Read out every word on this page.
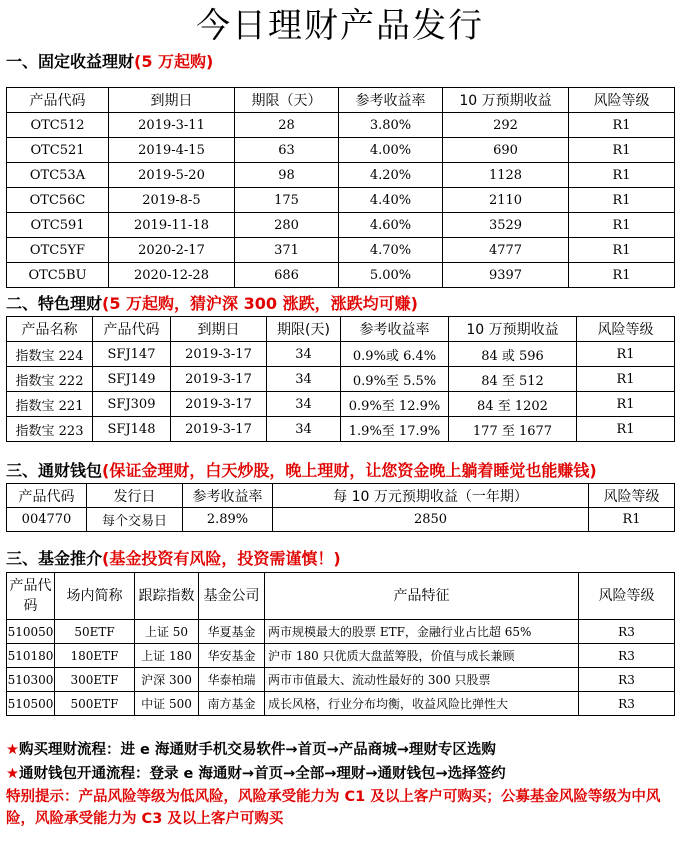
今日理财产品发行
一、固定收益理财(5 万起购)
产品代码	到期日	期限（天）	参考收益率	10 万预期收益	风险等级
OTC512	2019-3-11	28	3.80%	292	R1
OTC521	2019-4-15	63	4.00%	690	R1
OTC53A	2019-5-20	98	4.20%	1128	R1
OTC56C	2019-8-5	175	4.40%	2110	R1
OTC591	2019-11-18	280	4.60%	3529	R1
OTC5YF	2020-2-17	371	4.70%	4777	R1
OTC5BU	2020-12-28	686	5.00%	9397	R1
二、特色理财(5 万起购，猜沪深 300 涨跌，涨跌均可赚)
产品名称	产品代码	到期日	期限(天)	参考收益率	10 万预期收益	风险等级
指数宝 224	SFJ147	2019-3-17	34	0.9%或 6.4%	84 或 596	R1
指数宝 222	SFJ149	2019-3-17	34	0.9%至 5.5%	84 至 512	R1
指数宝 221	SFJ309	2019-3-17	34	0.9%至 12.9%	84 至 1202	R1
指数宝 223	SFJ148	2019-3-17	34	1.9%至 17.9%	177 至 1677	R1
三、通财钱包(保证金理财，白天炒股，晚上理财，让您资金晚上躺着睡觉也能赚钱)
产品代码	发行日	参考收益率	每 10 万元预期收益（一年期）	风险等级
004770	每个交易日	2.89%	2850	R1
三、基金推介(基金投资有风险，投资需谨慎！)
产品代码	场内简称	跟踪指数	基金公司	产品特征	风险等级
510050	50ETF	上证 50	华夏基金	两市规模最大的股票 ETF，金融行业占比超 65%	R3
510180	180ETF	上证 180	华安基金	沪市 180 只优质大盘蓝筹股，价值与成长兼顾	R3
510300	300ETF	沪深 300	华泰柏瑞	两市市值最大、流动性最好的 300 只股票	R3
510500	500ETF	中证 500	南方基金	成长风格，行业分布均衡，收益风险比弹性大	R3
★购买理财流程：进 e 海通财手机交易软件→首页→产品商城→理财专区选购
★通财钱包开通流程：登录 e 海通财→首页→全部→理财→通财钱包→选择签约
特别提示：产品风险等级为低风险，风险承受能力为 C1 及以上客户可购买；公募基金风险等级为中风险，风险承受能力为 C3 及以上客户可购买
